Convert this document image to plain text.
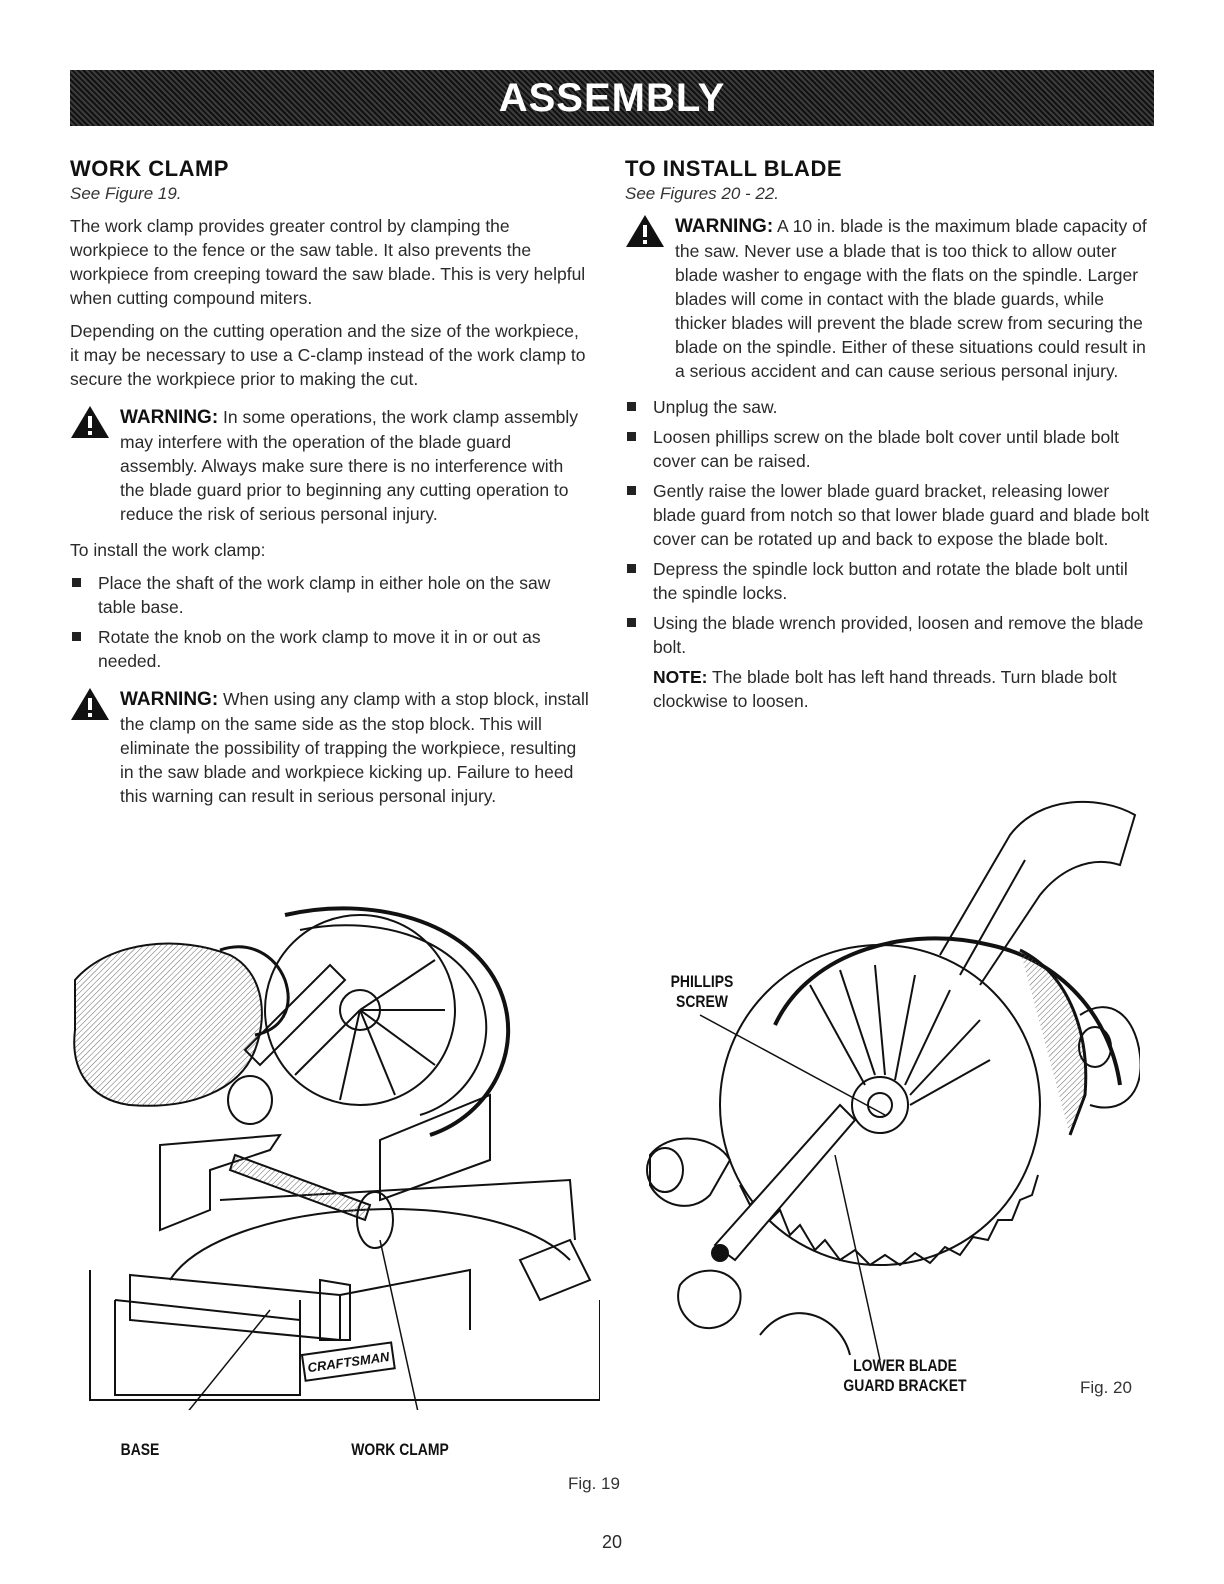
ASSEMBLY
WORK CLAMP
See Figure 19.

The work clamp provides greater control by clamping the workpiece to the fence or the saw table. It also prevents the workpiece from creeping toward the saw blade. This is very helpful when cutting compound miters.

Depending on the cutting operation and the size of the workpiece, it may be necessary to use a C-clamp instead of the work clamp to secure the workpiece prior to making the cut.

WARNING: In some operations, the work clamp assembly may interfere with the operation of the blade guard assembly. Always make sure there is no interference with the blade guard prior to beginning any cutting operation to reduce the risk of serious personal injury.

To install the work clamp:

Place the shaft of the work clamp in either hole on the saw table base.
Rotate the knob on the work clamp to move it in or out as needed.
WARNING: When using any clamp with a stop block, install the clamp on the same side as the stop block. This will eliminate the possibility of trapping the workpiece, resulting in the saw blade and workpiece kicking up. Failure to heed this warning can result in serious personal injury.
TO INSTALL BLADE
See Figures 20 - 22.
WARNING: A 10 in. blade is the maximum blade capacity of the saw. Never use a blade that is too thick to allow outer blade washer to engage with the flats on the spindle. Larger blades will come in contact with the blade guards, while thicker blades will prevent the blade screw from securing the blade on the spindle. Either of these situations could result in a serious accident and can cause serious personal injury.
Unplug the saw.
Loosen phillips screw on the blade bolt cover until blade bolt cover can be raised.
Gently raise the lower blade guard bracket, releasing lower blade guard from notch so that lower blade guard and blade bolt cover can be rotated up and back to expose the blade bolt.
Depress the spindle lock button and rotate the blade bolt until the spindle locks.
Using the blade wrench provided, loosen and remove the blade bolt.
NOTE: The blade bolt has left hand threads. Turn blade bolt clockwise to loosen.
CRAFTSMAN
BASE	WORK CLAMP
Fig. 19
PHILLIPS
SCREW
LOWER BLADE
GUARD BRACKET	Fig. 20
20
